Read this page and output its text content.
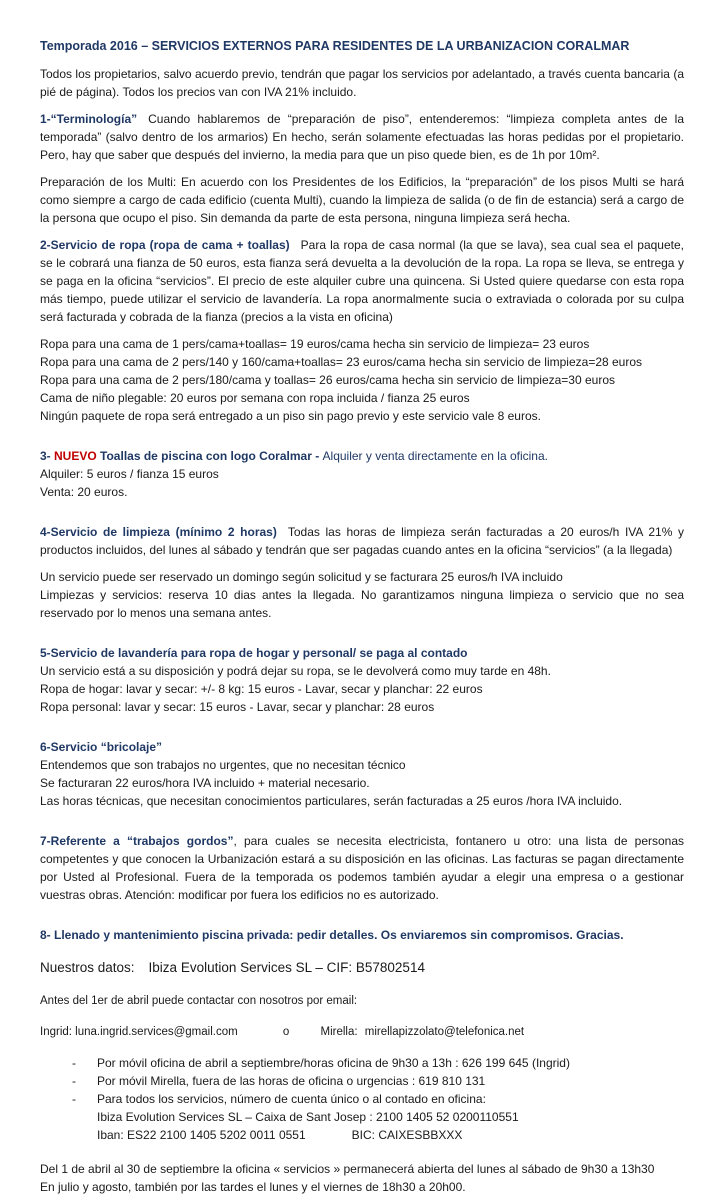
Temporada 2016 – SERVICIOS EXTERNOS PARA RESIDENTES DE LA URBANIZACION CORALMAR

Todos los propietarios, salvo acuerdo previo, tendrán que pagar los servicios por adelantado, a través cuenta bancaria (a pié de página). Todos los precios van con IVA 21% incluido.

1-“Terminología” Cuando hablaremos de “preparación de piso”, entenderemos: “limpieza completa antes de la temporada” (salvo dentro de los armarios) En hecho, serán solamente efectuadas las horas pedidas por el propietario. Pero, hay que saber que después del invierno, la media para que un piso quede bien, es de 1h por 10m².

Preparación de los Multi: En acuerdo con los Presidentes de los Edificios, la “preparación” de los pisos Multi se hará como siempre a cargo de cada edificio (cuenta Multi), cuando la limpieza de salida (o de fin de estancia) será a cargo de la persona que ocupo el piso. Sin demanda da parte de esta persona, ninguna limpieza será hecha.

2-Servicio de ropa (ropa de cama + toallas) Para la ropa de casa normal (la que se lava), sea cual sea el paquete, se le cobrará una fianza de 50 euros, esta fianza será devuelta a la devolución de la ropa. La ropa se lleva, se entrega y se paga en la oficina “servicios”. El precio de este alquiler cubre una quincena. Si Usted quiere quedarse con esta ropa más tiempo, puede utilizar el servicio de lavandería. La ropa anormalmente sucia o extraviada o colorada por su culpa será facturada y cobrada de la fianza (precios a la vista en oficina)

Ropa para una cama de 1 pers/cama+toallas= 19 euros/cama hecha sin servicio de limpieza= 23 euros
Ropa para una cama de 2 pers/140 y 160/cama+toallas= 23 euros/cama hecha sin servicio de limpieza=28 euros
Ropa para una cama de 2 pers/180/cama y toallas= 26 euros/cama hecha sin servicio de limpieza=30 euros
Cama de niño plegable: 20 euros por semana con ropa incluida / fianza 25 euros
Ningún paquete de ropa será entregado a un piso sin pago previo y este servicio vale 8 euros.

3- NUEVO Toallas de piscina con logo Coralmar - Alquiler y venta directamente en la oficina.

Alquiler: 5 euros / fianza 15 euros
Venta: 20 euros.

4-Servicio de limpieza (mínimo 2 horas) Todas las horas de limpieza serán facturadas a 20 euros/h IVA 21% y productos incluidos, del lunes al sábado y tendrán que ser pagadas cuando antes en la oficina “servicios” (a la llegada)

Un servicio puede ser reservado un domingo según solicitud y se facturara 25 euros/h IVA incluido
Limpiezas y servicios: reserva 10 dias antes la llegada. No garantizamos ninguna limpieza o servicio que no sea reservado por lo menos una semana antes.

5-Servicio de lavandería para ropa de hogar y personal/ se paga al contado
Un servicio está a su disposición y podrá dejar su ropa, se le devolverá como muy tarde en 48h.
Ropa de hogar: lavar y secar: +/- 8 kg: 15 euros - Lavar, secar y planchar: 22 euros
Ropa personal: lavar y secar: 15 euros - Lavar, secar y planchar: 28 euros
6-Servicio “bricolaje”
Entendemos que son trabajos no urgentes, que no necesitan técnico
Se facturaran 22 euros/hora IVA incluido + material necesario.
Las horas técnicas, que necesitan conocimientos particulares, serán facturadas a 25 euros /hora IVA incluido.

7-Referente a “trabajos gordos”, para cuales se necesita electricista, fontanero u otro: una lista de personas competentes y que conocen la Urbanización estará a su disposición en las oficinas. Las facturas se pagan directamente por Usted al Profesional. Fuera de la temporada os podemos también ayudar a elegir una empresa o a gestionar vuestras obras. Atención: modificar por fuera los edificios no es autorizado.

8- Llenado y mantenimiento piscina privada: pedir detalles. Os enviaremos sin compromisos. Gracias.
Nuestros datos: Ibiza Evolution Services SL – CIF: B57802514
Antes del 1er de abril puede contactar con nosotros por email:
Ingrid: luna.ingrid.services@gmail.com	o	Mirella: mirellapizzolato@telefonica.net
-	Por móvil oficina de abril a septiembre/horas oficina de 9h30 a 13h : 626 199 645 (Ingrid)
-	Por móvil Mirella, fuera de las horas de oficina o urgencias : 619 810 131
-	Para todos los servicios, número de cuenta único o al contado en oficina:
Ibiza Evolution Services SL – Caixa de Sant Josep : 2100 1405 52 0200110551
Iban: ES22 2100 1405 5202 0011 0551	BIC: CAIXESBBXXX
Del 1 de abril al 30 de septiembre la oficina « servicios » permanecerá abierta del lunes al sábado de 9h30 a 13h30
En julio y agosto, también por las tardes el lunes y el viernes de 18h30 a 20h00.
